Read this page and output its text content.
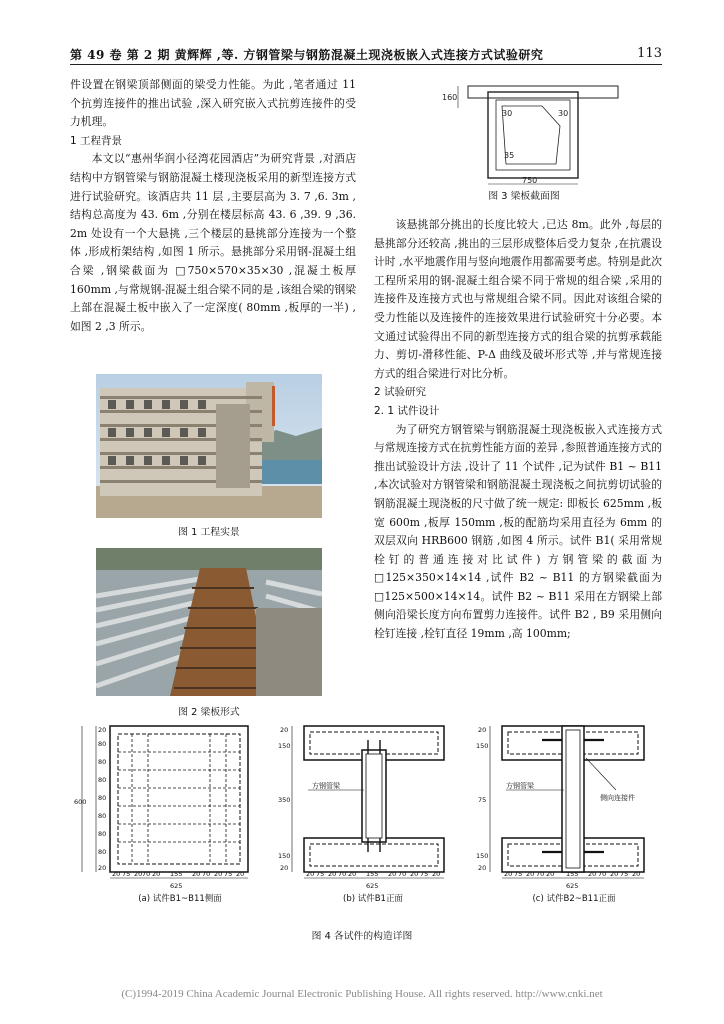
第 49 卷 第 2 期 黄辉辉 ,等. 方钢管梁与钢筋混凝土现浇板嵌入式连接方式试验研究	113

件设置在钢梁顶部侧面的梁受力性能。为此 ,笔者通过 11 个抗剪连接件的推出试验 ,深入研究嵌入式抗剪连接件的受力机理。

1 工程背景

本文以“惠州华润小径湾花园酒店”为研究背景 ,对酒店结构中方钢管梁与钢筋混凝土楼现浇板采用的新型连接方式进行试验研究。该酒店共 11 层 ,主要层高为 3. 7 ,6. 3m ,结构总高度为 43. 6m ,分别在楼层标高 43. 6 ,39. 9 ,36. 2m 处设有一个大悬挑 ,三个楼层的悬挑部分连接为一个整体 ,形成桁架结构 ,如图 1 所示。悬挑部分采用钢-混凝土组合梁 ,钢梁截面为 □750×570×35×30 ,混凝土板厚 160mm ,与常规钢-混凝土组合梁不同的是 ,该组合梁的钢梁上部在混凝土板中嵌入了一定深度( 80mm ,板厚的一半) ,如图 2 ,3 所示。

图 1 工程实景
图 2 梁板形式
160
30	30
35
750
图 3 梁板截面图

该悬挑部分挑出的长度比较大 ,已达 8m。此外 ,每层的悬挑部分还较高 ,挑出的三层形成整体后受力复杂 ,在抗震设计时 ,水平地震作用与竖向地震作用都需要考虑。特别是此次工程所采用的钢-混凝土组合梁不同于常规的组合梁 ,采用的连接件及连接方式也与常规组合梁不同。因此对该组合梁的受力性能以及连接件的连接效果进行试验研究十分必要。本文通过试验得出不同的新型连接方式的组合梁的抗剪承载能力、剪切-滑移性能、P-Δ 曲线及破坏形式等 ,并与常规连接方式的组合梁进行对比分析。

2 试验研究

2. 1 试件设计

为了研究方钢管梁与钢筋混凝土现浇板嵌入式连接方式与常规连接方式在抗剪性能方面的差异 ,参照普通连接方式的推出试验设计方法 ,设计了 11 个试件 ,记为试件 B1 ~ B11 ,本次试验对方钢管梁和钢筋混凝土现浇板之间抗剪切试验的钢筋混凝土现浇板的尺寸做了统一规定: 即板长 625mm ,板宽 600m ,板厚 150mm ,板的配筋均采用直径为 6mm 的双层双向 HRB600 钢筋 ,如图 4 所示。试件 B1( 采用常规栓钉的普通连接对比试件) 方钢管梁的截面为 □125×350×14×14 ,试件 B2 ~ B11 的方钢梁截面为 □125×500×14×14。试件 B2 ~ B11 采用在方钢梁上部侧向沿梁长度方向布置剪力连接件。试件 B2 , B9 采用侧向栓钉连接 ,栓钉直径 19mm ,高 100mm;

600
20
80
80
80
80
80
80
80
20
20 75 20 70 20 155 20 70 20 75 20
625
(a) 试件B1~B11侧面
方钢管梁
20
150
350
150
20
20 75 20 70 20 155 20 70 20 75 20
625
(b) 试件B1正面
方钢管梁
侧向连接件
20
150
75
150
20
20 75 20 70 20 155 20 70 20 75 20
625
(c) 试件B2~B11正面
图 4 各试件的构造详图
(C)1994-2019 China Academic Journal Electronic Publishing House. All rights reserved. http://www.cnki.net
